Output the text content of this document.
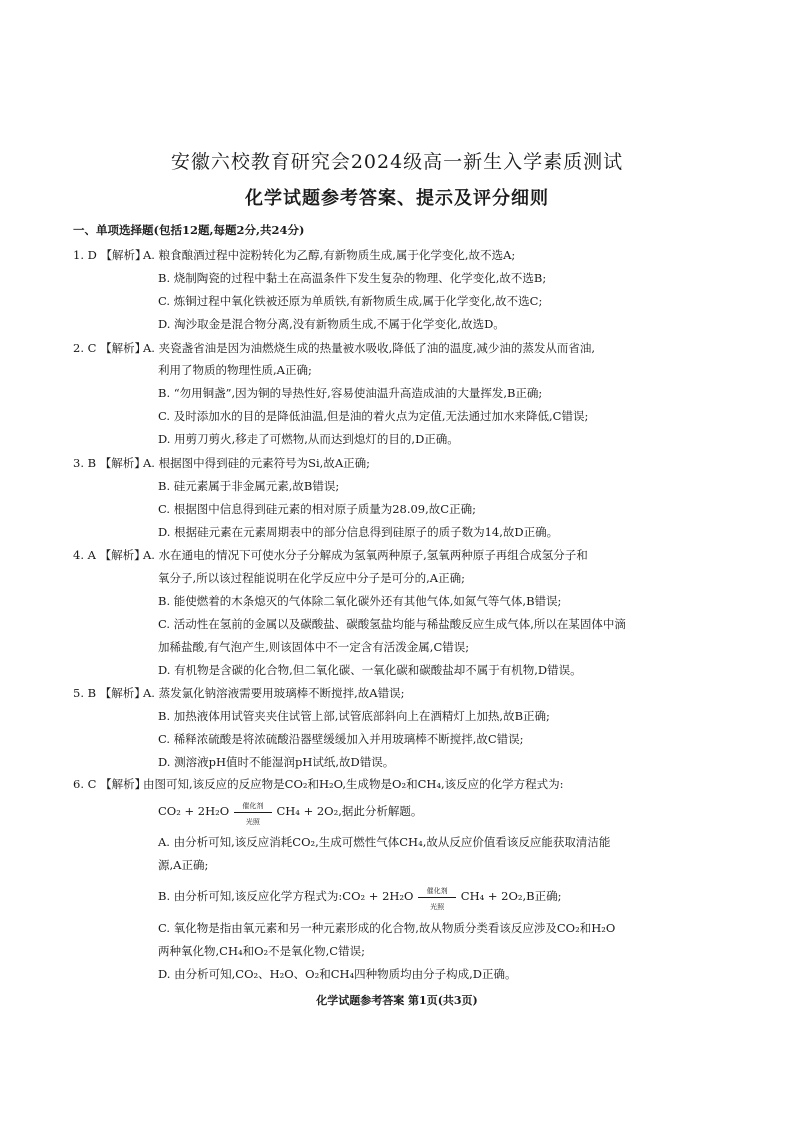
安徽六校教育研究会2024级高一新生入学素质测试
化学试题参考答案、提示及评分细则
一、单项选择题(包括12题,每题2分,共24分)
1. D 【解析】
A. 粮食酿酒过程中淀粉转化为乙醇,有新物质生成,属于化学变化,故不选A;
B. 烧制陶瓷的过程中黏土在高温条件下发生复杂的物理、化学变化,故不选B;
C. 炼铜过程中氧化铁被还原为单质铁,有新物质生成,属于化学变化,故不选C;
D. 淘沙取金是混合物分离,没有新物质生成,不属于化学变化,故选D。
2. C 【解析】
A. 夹瓷盏省油是因为油燃烧生成的热量被水吸收,降低了油的温度,减少油的蒸发从而省油,
利用了物质的物理性质,A正确;
B. “勿用铜盏”,因为铜的导热性好,容易使油温升高造成油的大量挥发,B正确;
C. 及时添加水的目的是降低油温,但是油的着火点为定值,无法通过加水来降低,C错误;
D. 用剪刀剪火,移走了可燃物,从而达到熄灯的目的,D正确。
3. B 【解析】
A. 根据图中得到硅的元素符号为Si,故A正确;
B. 硅元素属于非金属元素,故B错误;
C. 根据图中信息得到硅元素的相对原子质量为28.09,故C正确;
D. 根据硅元素在元素周期表中的部分信息得到硅原子的质子数为14,故D正确。
4. A 【解析】
A. 水在通电的情况下可使水分子分解成为氢氧两种原子,氢氧两种原子再组合成氢分子和
氧分子,所以该过程能说明在化学反应中分子是可分的,A正确;
B. 能使燃着的木条熄灭的气体除二氧化碳外还有其他气体,如氮气等气体,B错误;
C. 活动性在氢前的金属以及碳酸盐、碳酸氢盐均能与稀盐酸反应生成气体,所以在某固体中滴
加稀盐酸,有气泡产生,则该固体中不一定含有活泼金属,C错误;
D. 有机物是含碳的化合物,但二氧化碳、一氧化碳和碳酸盐却不属于有机物,D错误。
5. B 【解析】
A. 蒸发氯化钠溶液需要用玻璃棒不断搅拌,故A错误;
B. 加热液体用试管夹夹住试管上部,试管底部斜向上在酒精灯上加热,故B正确;
C. 稀释浓硫酸是将浓硫酸沿器壁缓缓加入并用玻璃棒不断搅拌,故C错误;
D. 测溶液pH值时不能湿润pH试纸,故D错误。
6. C 【解析】
由图可知,该反应的反应物是CO₂和H₂O,生成物是O₂和CH₄,该反应的化学方程式为:
CO₂ + 2H₂O	催化剂
光照
CH₄ + 2O₂,据此分析解题。
A. 由分析可知,该反应消耗CO₂,生成可燃性气体CH₄,故从反应价值看该反应能获取清洁能
源,A正确;
B. 由分析可知,该反应化学方程式为:CO₂ + 2H₂O	催化剂
光照
CH₄ + 2O₂,B正确;
C. 氧化物是指由氧元素和另一种元素形成的化合物,故从物质分类看该反应涉及CO₂和H₂O
两种氧化物,CH₄和O₂不是氧化物,C错误;
D. 由分析可知,CO₂、H₂O、O₂和CH₄四种物质均由分子构成,D正确。
化学试题参考答案 第1页(共3页)
